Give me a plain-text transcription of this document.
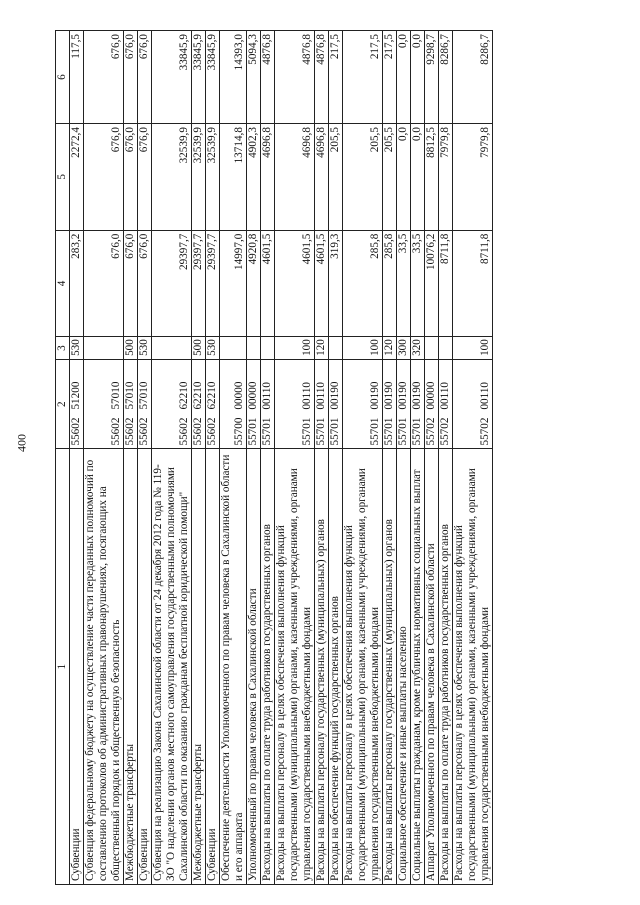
400
1	2	3	4	5	6
Субвенции	5560251200	530	283,2	2272,4	117,5
Субвенция федеральному бюджету на осуществление части переданных полномочий по составлению протоколов об административных правонарушениях, посягающих на общественный порядок и общественную безопасность	5560257010		676,0	676,0	676,0
Межбюджетные трансферты	5560257010	500	676,0	676,0	676,0
Субвенции	5560257010	530	676,0	676,0	676,0
Субвенция на реализацию Закона Сахалинской области от 24 декабря 2012 года № 119-ЗО "О наделении органов местного самоуправления государственными полномочиями Сахалинской области по оказанию гражданам бесплатной юридической помощи"	5560262210		29397,7	32539,9	33845,9
Межбюджетные трансферты	5560262210	500	29397,7	32539,9	33845,9
Субвенции	5560262210	530	29397,7	32539,9	33845,9
Обеспечение деятельности Уполномоченного по правам человека в Сахалинской области и его аппарата	5570000000		14997,0	13714,8	14393,0
Уполномоченный по правам человека в Сахалинской области	5570100000		4920,8	4902,3	5094,3
Расходы на выплаты по оплате труда работников государственных органов	5570100110		4601,5	4696,8	4876,8
Расходы на выплаты персоналу в целях обеспечения выполнения функций государственными (муниципальными) органами, казенными учреждениями, органами управления государственными внебюджетными фондами	5570100110	100	4601,5	4696,8	4876,8
Расходы на выплаты персоналу государственных (муниципальных) органов	5570100110	120	4601,5	4696,8	4876,8
Расходы на обеспечение функций государственных органов	5570100190		319,3	205,5	217,5
Расходы на выплаты персоналу в целях обеспечения выполнения функций государственными (муниципальными) органами, казенными учреждениями, органами управления государственными внебюджетными фондами	5570100190	100	285,8	205,5	217,5
Расходы на выплаты персоналу государственных (муниципальных) органов	5570100190	120	285,8	205,5	217,5
Социальное обеспечение и иные выплаты населению	5570100190	300	33,5	0,0	0,0
Социальные выплаты гражданам, кроме публичных нормативных социальных выплат	5570100190	320	33,5	0,0	0,0
Аппарат Уполномоченного по правам человека в Сахалинской области	5570200000		10076,2	8812,5	9298,7
Расходы на выплаты по оплате труда работников государственных органов	5570200110		8711,8	7979,8	8286,7
Расходы на выплаты персоналу в целях обеспечения выполнения функций государственными (муниципальными) органами, казенными учреждениями, органами управления государственными внебюджетными фондами	5570200110	100	8711,8	7979,8	8286,7
